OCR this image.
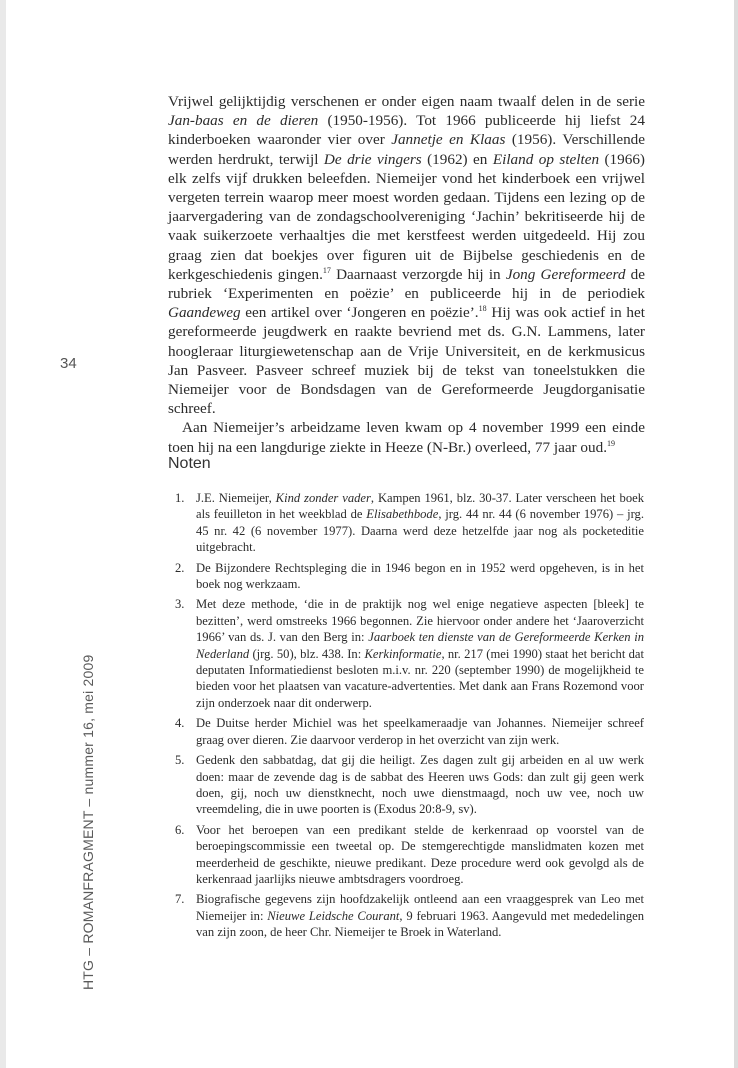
Vrijwel gelijktijdig verschenen er onder eigen naam twaalf delen in de serie Jan-baas en de dieren (1950-1956). Tot 1966 publiceerde hij liefst 24 kinderboeken waaronder vier over Jannetje en Klaas (1956). Verschillende werden herdrukt, terwijl De drie vingers (1962) en Eiland op stelten (1966) elk zelfs vijf drukken beleefden. Niemeijer vond het kinderboek een vrijwel vergeten terrein waarop meer moest worden gedaan. Tijdens een lezing op de jaarvergadering van de zondagschoolvereniging ‘Jachin’ bekritiseerde hij de vaak suikerzoete verhaaltjes die met kerstfeest werden uitgedeeld. Hij zou graag zien dat boekjes over figuren uit de Bijbelse geschiedenis en de kerkgeschiedenis gingen.$^{17}$ Daarnaast verzorgde hij in Jong Gereformeerd de rubriek ‘Experimenten en poëzie’ en publiceerde hij in de periodiek Gaandeweg een artikel over ‘Jongeren en poëzie’.$^{18}$ Hij was ook actief in het gereformeerde jeugdwerk en raakte bevriend met ds. G.N. Lammens, later hoogleraar liturgiewetenschap aan de Vrije Universiteit, en de kerkmusicus Jan Pasveer. Pasveer schreef muziek bij de tekst van toneelstukken die Niemeijer voor de Bondsdagen van de Gereformeerde Jeugdorganisatie schreef.

Aan Niemeijer’s arbeidzame leven kwam op 4 november 1999 een einde toen hij na een langdurige ziekte in Heeze (N-Br.) overleed, 77 jaar oud.$^{19}$

34
Noten
1. J.E. Niemeijer, Kind zonder vader, Kampen 1961, blz. 30-37. Later verscheen het boek als feuilleton in het weekblad de Elisabethbode, jrg. 44 nr. 44 (6 november 1976) – jrg. 45 nr. 42 (6 november 1977). Daarna werd deze hetzelfde jaar nog als pocketeditie uitgebracht.
2. De Bijzondere Rechtspleging die in 1946 begon en in 1952 werd opgeheven, is in het boek nog werkzaam.
3. Met deze methode, ‘die in de praktijk nog wel enige negatieve aspecten [bleek] te bezitten’, werd omstreeks 1966 begonnen. Zie hiervoor onder andere het ‘Jaaroverzicht 1966’ van ds. J. van den Berg in: Jaarboek ten dienste van de Gereformeerde Kerken in Nederland (jrg. 50), blz. 438. In: Kerkinformatie, nr. 217 (mei 1990) staat het bericht dat deputaten Informatiedienst besloten m.i.v. nr. 220 (september 1990) de mogelijkheid te bieden voor het plaatsen van vacature-advertenties. Met dank aan Frans Rozemond voor zijn onderzoek naar dit onderwerp.
4. De Duitse herder Michiel was het speelkameraadje van Johannes. Niemeijer schreef graag over dieren. Zie daarvoor verderop in het overzicht van zijn werk.
5. Gedenk den sabbatdag, dat gij die heiligt. Zes dagen zult gij arbeiden en al uw werk doen: maar de zevende dag is de sabbat des Heeren uws Gods: dan zult gij geen werk doen, gij, noch uw dienstknecht, noch uwe dienstmaagd, noch uw vee, noch uw vreemdeling, die in uwe poorten is (Exodus 20:8-9, sv).
6. Voor het beroepen van een predikant stelde de kerkenraad op voorstel van de beroepingscommissie een tweetal op. De stemgerechtigde manslidmaten kozen met meerderheid de geschikte, nieuwe predikant. Deze procedure werd ook gevolgd als de kerkenraad jaarlijks nieuwe ambtsdragers voordroeg.
7. Biografische gegevens zijn hoofdzakelijk ontleend aan een vraaggesprek van Leo met Niemeijer in: Nieuwe Leidsche Courant, 9 februari 1963. Aangevuld met mededelingen van zijn zoon, de heer Chr. Niemeijer te Broek in Waterland.
HTG – ROMANFRAGMENT – nummer 16, mei 2009
